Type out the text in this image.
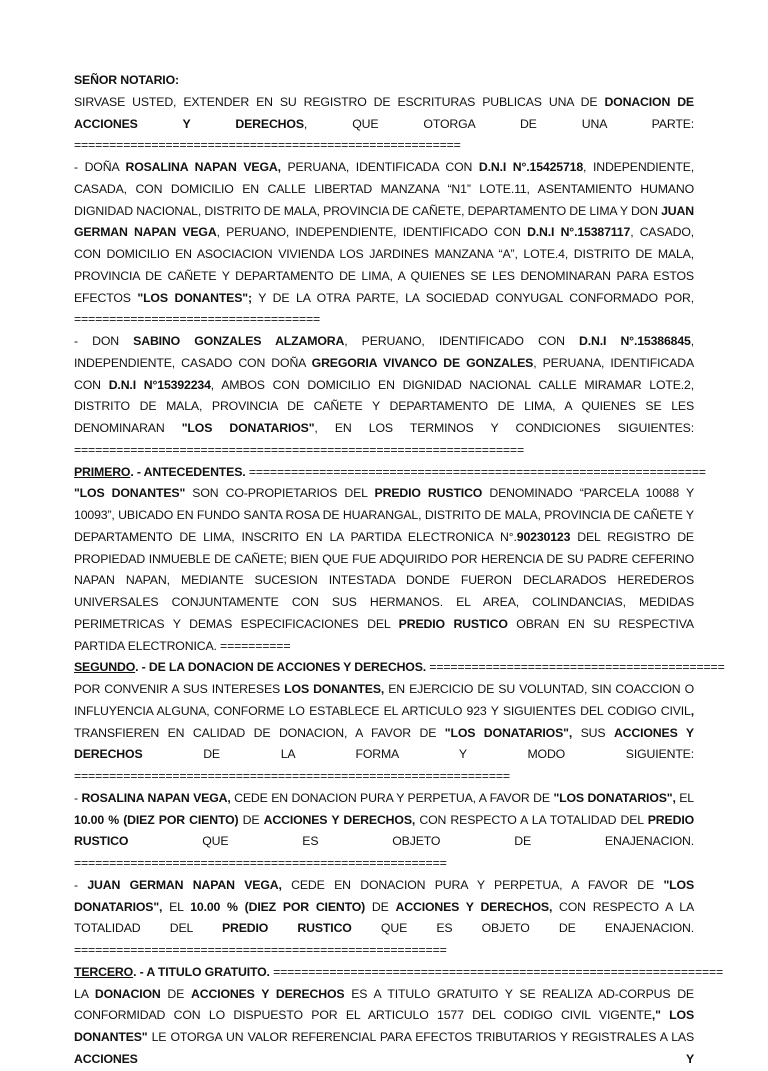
SEÑOR NOTARIO:

SIRVASE USTED, EXTENDER EN SU REGISTRO DE ESCRITURAS PUBLICAS UNA DE DONACION DE ACCIONES Y DERECHOS, QUE OTORGA DE UNA PARTE:

=======================================================

- DOÑA ROSALINA NAPAN VEGA, PERUANA, IDENTIFICADA CON D.N.I N°.15425718, INDEPENDIENTE, CASADA, CON DOMICILIO EN CALLE LIBERTAD MANZANA “N1” LOTE.11, ASENTAMIENTO HUMANO DIGNIDAD NACIONAL, DISTRITO DE MALA, PROVINCIA DE CAÑETE, DEPARTAMENTO DE LIMA Y DON JUAN GERMAN NAPAN VEGA, PERUANO, INDEPENDIENTE, IDENTIFICADO CON D.N.I N°.15387117, CASADO, CON DOMICILIO EN ASOCIACION VIVIENDA LOS JARDINES MANZANA “A”, LOTE.4, DISTRITO DE MALA, PROVINCIA DE CAÑETE Y DEPARTAMENTO DE LIMA, A QUIENES SE LES DENOMINARAN PARA ESTOS EFECTOS "LOS DONANTES"; Y DE LA OTRA PARTE, LA SOCIEDAD CONYUGAL CONFORMADO POR,

===================================

- DON SABINO GONZALES ALZAMORA, PERUANO, IDENTIFICADO CON D.N.I N°.15386845, INDEPENDIENTE, CASADO CON DOÑA GREGORIA VIVANCO DE GONZALES, PERUANA, IDENTIFICADA CON D.N.I N°15392234, AMBOS CON DOMICILIO EN DIGNIDAD NACIONAL CALLE MIRAMAR LOTE.2, DISTRITO DE MALA, PROVINCIA DE CAÑETE Y DEPARTAMENTO DE LIMA, A QUIENES SE LES DENOMINARAN "LOS DONATARIOS", EN LOS TERMINOS Y CONDICIONES SIGUIENTES: ================================================================

PRIMERO. - ANTECEDENTES. =================================================================

"LOS DONANTES" SON CO-PROPIETARIOS DEL PREDIO RUSTICO DENOMINADO “PARCELA 10088 Y 10093”, UBICADO EN FUNDO SANTA ROSA DE HUARANGAL, DISTRITO DE MALA, PROVINCIA DE CAÑETE Y DEPARTAMENTO DE LIMA, INSCRITO EN LA PARTIDA ELECTRONICA N°.90230123 DEL REGISTRO DE PROPIEDAD INMUEBLE DE CAÑETE; BIEN QUE FUE ADQUIRIDO POR HERENCIA DE SU PADRE CEFERINO NAPAN NAPAN, MEDIANTE SUCESION INTESTADA DONDE FUERON DECLARADOS HEREDEROS UNIVERSALES CONJUNTAMENTE CON SUS HERMANOS. EL AREA, COLINDANCIAS, MEDIDAS PERIMETRICAS Y DEMAS ESPECIFICACIONES DEL PREDIO RUSTICO OBRAN EN SU RESPECTIVA PARTIDA ELECTRONICA. ==========

SEGUNDO. - DE LA DONACION DE ACCIONES Y DERECHOS. ==========================================

POR CONVENIR A SUS INTERESES LOS DONANTES, EN EJERCICIO DE SU VOLUNTAD, SIN COACCION O INFLUYENCIA ALGUNA, CONFORME LO ESTABLECE EL ARTICULO 923 Y SIGUIENTES DEL CODIGO CIVIL, TRANSFIEREN EN CALIDAD DE DONACION, A FAVOR DE "LOS DONATARIOS", SUS ACCIONES Y DERECHOS DE LA FORMA Y MODO SIGUIENTE:

==============================================================

- ROSALINA NAPAN VEGA, CEDE EN DONACION PURA Y PERPETUA, A FAVOR DE "LOS DONATARIOS", EL 10.00 % (DIEZ POR CIENTO) DE ACCIONES Y DERECHOS, CON RESPECTO A LA TOTALIDAD DEL PREDIO RUSTICO QUE ES OBJETO DE ENAJENACION. =====================================================

- JUAN GERMAN NAPAN VEGA, CEDE EN DONACION PURA Y PERPETUA, A FAVOR DE "LOS DONATARIOS", EL 10.00 % (DIEZ POR CIENTO) DE ACCIONES Y DERECHOS, CON RESPECTO A LA TOTALIDAD DEL PREDIO RUSTICO QUE ES OBJETO DE ENAJENACION. =====================================================

TERCERO. - A TITULO GRATUITO. ================================================================

LA DONACION DE ACCIONES Y DERECHOS ES A TITULO GRATUITO Y SE REALIZA AD-CORPUS DE CONFORMIDAD CON LO DISPUESTO POR EL ARTICULO 1577 DEL CODIGO CIVIL VIGENTE," LOS DONANTES" LE OTORGA UN VALOR REFERENCIAL PARA EFECTOS TRIBUTARIOS Y REGISTRALES A LAS ACCIONES Y
